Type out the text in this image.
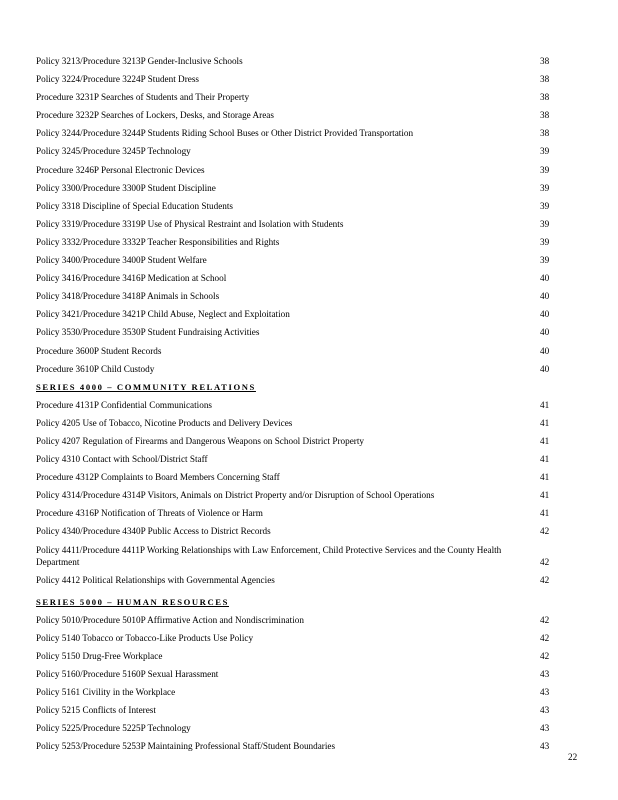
Policy 3213/Procedure 3213P Gender-Inclusive Schools	38
Policy 3224/Procedure 3224P Student Dress	38
Procedure 3231P Searches of Students and Their Property	38
Procedure 3232P Searches of Lockers, Desks, and Storage Areas	38
Policy 3244/Procedure 3244P Students Riding School Buses or Other District Provided Transportation	38
Policy 3245/Procedure 3245P Technology	39
Procedure 3246P Personal Electronic Devices	39
Policy 3300/Procedure 3300P Student Discipline	39
Policy 3318 Discipline of Special Education Students	39
Policy 3319/Procedure 3319P Use of Physical Restraint and Isolation with Students	39
Policy 3332/Procedure 3332P Teacher Responsibilities and Rights	39
Policy 3400/Procedure 3400P Student Welfare	39
Policy 3416/Procedure 3416P Medication at School	40
Policy 3418/Procedure 3418P Animals in Schools	40
Policy 3421/Procedure 3421P Child Abuse, Neglect and Exploitation	40
Policy 3530/Procedure 3530P Student Fundraising Activities	40
Procedure 3600P Student Records	40
Procedure 3610P Child Custody	40
SERIES 4000 – COMMUNITY RELATIONS
Procedure 4131P Confidential Communications	41
Policy 4205 Use of Tobacco, Nicotine Products and Delivery Devices	41
Policy 4207 Regulation of Firearms and Dangerous Weapons on School District Property	41
Policy 4310 Contact with School/District Staff	41
Procedure 4312P Complaints to Board Members Concerning Staff	41
Policy 4314/Procedure 4314P Visitors, Animals on District Property and/or Disruption of School Operations	41
Procedure 4316P Notification of Threats of Violence or Harm	41
Policy 4340/Procedure 4340P Public Access to District Records	42
Policy 4411/Procedure 4411P Working Relationships with Law Enforcement, Child Protective Services and the County Health Department	42
Policy 4412 Political Relationships with Governmental Agencies	42
SERIES 5000 – HUMAN RESOURCES
Policy 5010/Procedure 5010P Affirmative Action and Nondiscrimination	42
Policy 5140 Tobacco or Tobacco-Like Products Use Policy	42
Policy 5150 Drug-Free Workplace	42
Policy 5160/Procedure 5160P Sexual Harassment	43
Policy 5161 Civility in the Workplace	43
Policy 5215 Conflicts of Interest	43
Policy 5225/Procedure 5225P Technology	43
Policy 5253/Procedure 5253P Maintaining Professional Staff/Student Boundaries	43
22
